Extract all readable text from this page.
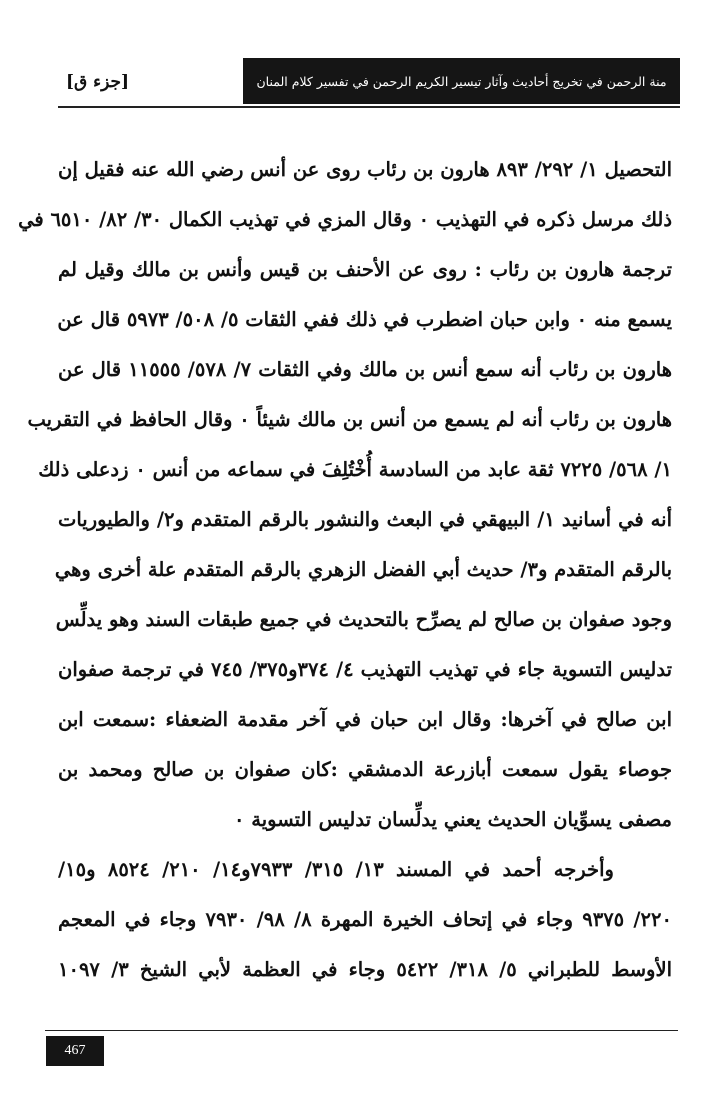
منة الرحمن في تخريج أحاديث وآثار تيسير الكريم الرحمن في تفسير كلام المنان
[جزء ق]
التحصيل ١/ ٢٩٢/ ٨٩٣ هارون بن رئاب روى عن أنس رضي الله عنه فقيل إن
ذلك مرسل ذكره في التهذيب ٠ وقال المزي في تهذيب الكمال ٣٠/ ٨٢/ ٦٥١٠ في
ترجمة هارون بن رئاب : روى عن الأحنف بن قيس وأنس بن مالك وقيل لم
يسمع منه ٠ وابن حبان اضطرب في ذلك ففي الثقات ٥/ ٥٠٨/ ٥٩٧٣ قال عن
هارون بن رئاب أنه سمع أنس بن مالك وفي الثقات ٧/ ٥٧٨/ ١١٥٥٥ قال عن
هارون بن رئاب أنه لم يسمع من أنس بن مالك شيئاً ٠ وقال الحافظ في التقريب
١/ ٥٦٨/ ٧٢٢٥ ثقة عابد من السادسة أُخْتُلِفَ في سماعه من أنس ٠ زدعلى ذلك
أنه في أسانيد ١/ البيهقي في البعث والنشور بالرقم المتقدم و٢/ والطيوريات
بالرقم المتقدم و٣/ حديث أبي الفضل الزهري بالرقم المتقدم علة أخرى وهي
وجود صفوان بن صالح لم يصرِّح بالتحديث في جميع طبقات السند وهو يدلِّس
تدليس التسوية جاء في تهذيب التهذيب ٤/ ٣٧٤و٣٧٥/ ٧٤٥ في ترجمة صفوان
ابن صالح في آخرها: وقال ابن حبان في آخر مقدمة الضعفاء :سمعت ابن
جوصاء يقول سمعت أبازرعة الدمشقي :كان صفوان بن صالح ومحمد بن
مصفى يسوِّيان الحديث يعني يدلِّسان تدليس التسوية ٠
وأخرجه أحمد في المسند ١٣/ ٣١٥/ ٧٩٣٣و١٤/ ٢١٠/ ٨٥٢٤ و١٥/
٢٢٠/ ٩٣٧٥ وجاء في إتحاف الخيرة المهرة ٨/ ٩٨/ ٧٩٣٠ وجاء في المعجم
الأوسط للطبراني ٥/ ٣١٨/ ٥٤٢٢ وجاء في العظمة لأبي الشيخ ٣/ ١٠٩٧
467
